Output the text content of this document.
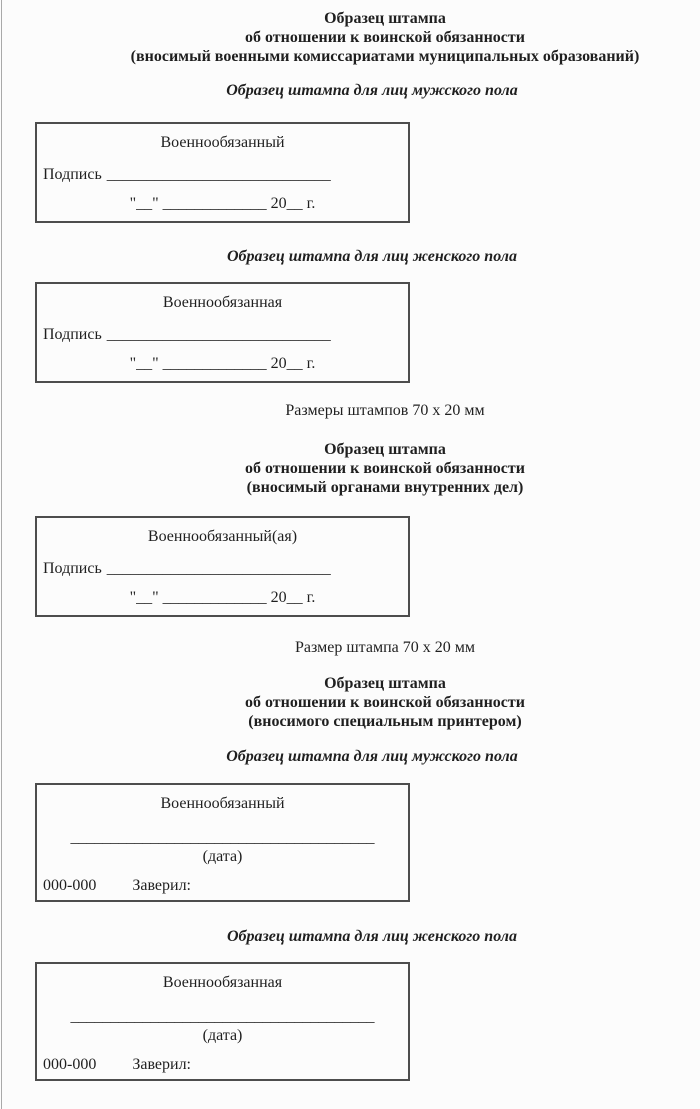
Образец штампа
об отношении к воинской обязанности
(вносимый военными комиссариатами муниципальных образований)
Образец штампа для лиц мужского пола
Военнообязанный
Подпись ____________________________
"__" _____________ 20__ г.
Образец штампа для лиц женского пола
Военнообязанная
Подпись ____________________________
"__" _____________ 20__ г.
Размеры штампов 70 х 20 мм
Образец штампа
об отношении к воинской обязанности
(вносимый органами внутренних дел)
Военнообязанный(ая)
Подпись ____________________________
"__" _____________ 20__ г.
Размер штампа 70 х 20 мм
Образец штампа
об отношении к воинской обязанности
(вносимого специальным принтером)
Образец штампа для лиц мужского пола
Военнообязанный
______________________________________
(дата)
000-000 Заверил:
Образец штампа для лиц женского пола
Военнообязанная
______________________________________
(дата)
000-000 Заверил:
